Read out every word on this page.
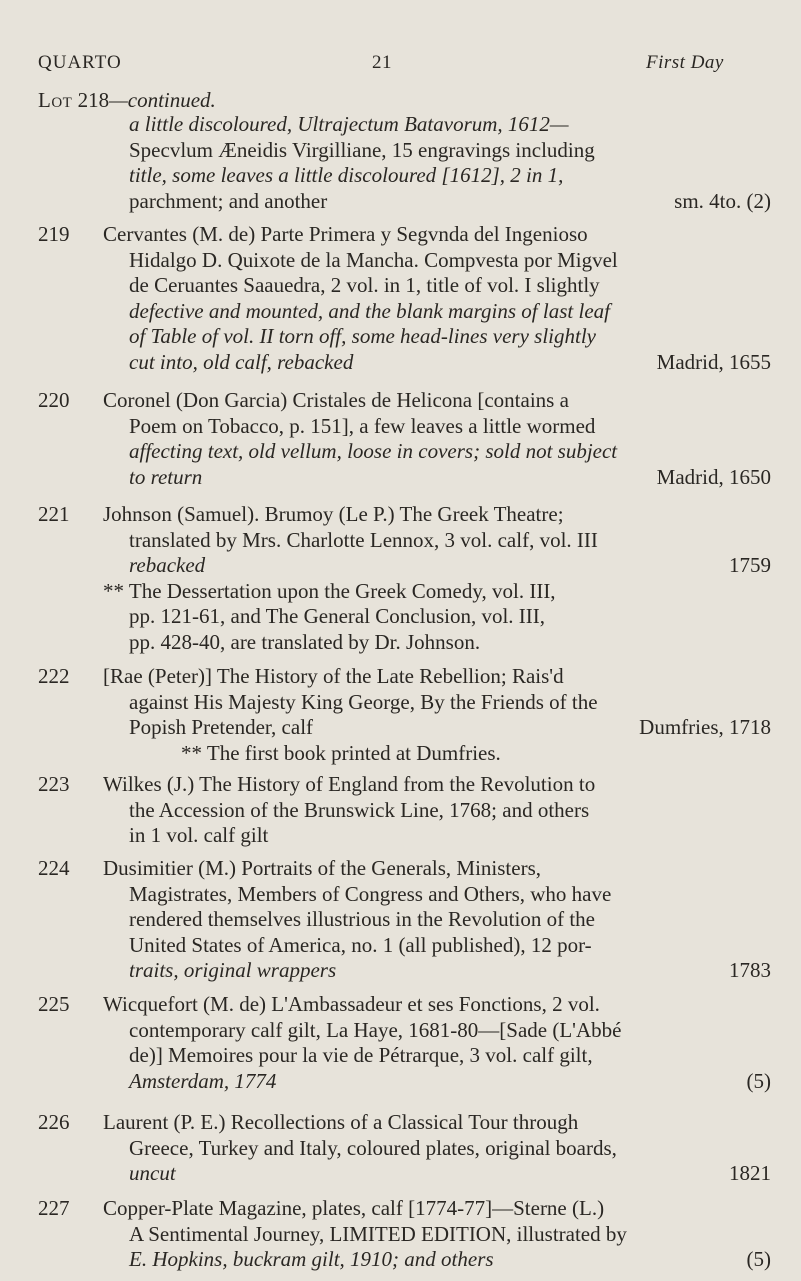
QUARTO	21	First Day
Lot 218—continued.
a little discoloured, Ultrajectum Batavorum, 1612—
Specvlum Æneidis Virgilliane, 15 engravings including
title, some leaves a little discoloured [1612], 2 in 1,
parchment; and another	sm. 4to. (2)
219	Cervantes (M. de) Parte Primera y Segvnda del Ingenioso
Hidalgo D. Quixote de la Mancha. Compvesta por Migvel
de Ceruantes Saauedra, 2 vol. in 1, title of vol. I slightly
defective and mounted, and the blank margins of last leaf
of Table of vol. II torn off, some head-lines very slightly
cut into, old calf, rebacked	Madrid, 1655
220	Coronel (Don Garcia) Cristales de Helicona [contains a
Poem on Tobacco, p. 151], a few leaves a little wormed
affecting text, old vellum, loose in covers; sold not subject
to return	Madrid, 1650
221	Johnson (Samuel). Brumoy (Le P.) The Greek Theatre;
translated by Mrs. Charlotte Lennox, 3 vol. calf, vol. III
rebacked	1759
** The Dessertation upon the Greek Comedy, vol. III,
pp. 121-61, and The General Conclusion, vol. III,
pp. 428-40, are translated by Dr. Johnson.
222	[Rae (Peter)] The History of the Late Rebellion; Rais'd
against His Majesty King George, By the Friends of the
Popish Pretender, calf	Dumfries, 1718
** The first book printed at Dumfries.
223	Wilkes (J.) The History of England from the Revolution to
the Accession of the Brunswick Line, 1768; and others
in 1 vol. calf gilt
224	Dusimitier (M.) Portraits of the Generals, Ministers,
Magistrates, Members of Congress and Others, who have
rendered themselves illustrious in the Revolution of the
United States of America, no. 1 (all published), 12 por-
traits, original wrappers	1783
225	Wicquefort (M. de) L'Ambassadeur et ses Fonctions, 2 vol.
contemporary calf gilt, La Haye, 1681-80—[Sade (L'Abbé
de)] Memoires pour la vie de Pétrarque, 3 vol. calf gilt,
Amsterdam, 1774	(5)
226	Laurent (P. E.) Recollections of a Classical Tour through
Greece, Turkey and Italy, coloured plates, original boards,
uncut	1821
227	Copper-Plate Magazine, plates, calf [1774-77]—Sterne (L.)
A Sentimental Journey, LIMITED EDITION, illustrated by
E. Hopkins, buckram gilt, 1910; and others	(5)
